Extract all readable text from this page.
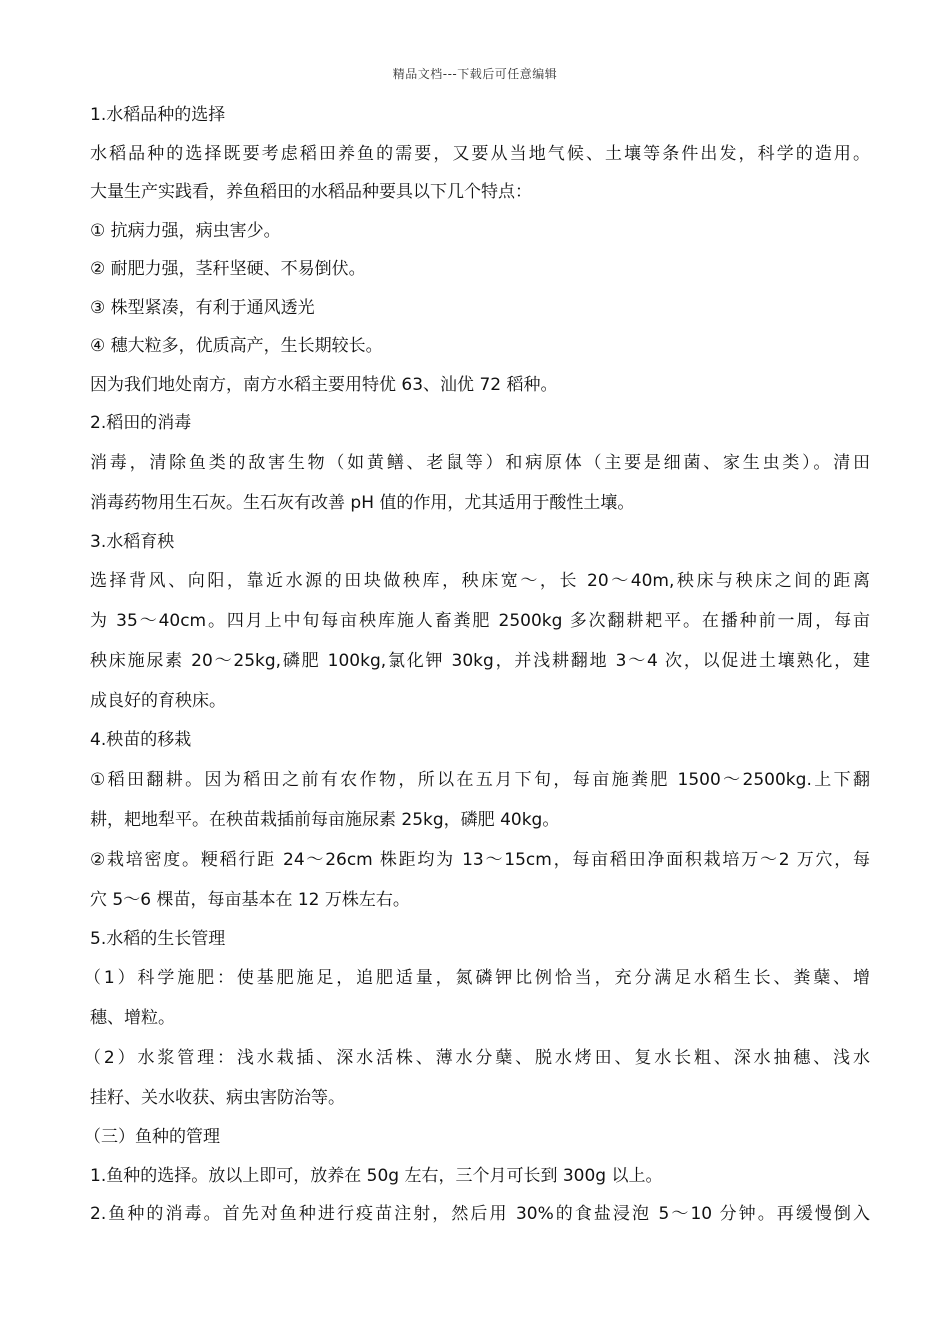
精品文档---下载后可任意编辑
1.水稻品种的选择
水稻品种的选择既要考虑稻田养鱼的需要，又要从当地气候、土壤等条件出发，科学的造用。
大量生产实践看，养鱼稻田的水稻品种要具以下几个特点：
① 抗病力强，病虫害少。
② 耐肥力强，茎秆坚硬、不易倒伏。
③ 株型紧凑，有利于通风透光
④ 穗大粒多，优质高产，生长期较长。
因为我们地处南方，南方水稻主要用特优 63、汕优 72 稻种。
2.稻田的消毒
消毒，清除鱼类的敌害生物（如黄鳝、老鼠等）和病原体（主要是细菌、家生虫类）。清田
消毒药物用生石灰。生石灰有改善 pH 值的作用，尤其适用于酸性土壤。
3.水稻育秧
选择背风、向阳，靠近水源的田块做秧库，秧床宽～，长 20～40m,秧床与秧床之间的距离
为 35～40cm。四月上中旬每亩秧库施人畜粪肥 2500kg 多次翻耕耙平。在播种前一周，每亩
秧床施尿素 20～25kg,磷肥 100kg,氯化钾 30kg，并浅耕翻地 3～4 次，以促进土壤熟化，建
成良好的育秧床。
4.秧苗的移栽
①稻田翻耕。因为稻田之前有农作物，所以在五月下旬，每亩施粪肥 1500～2500kg.上下翻
耕，耙地犁平。在秧苗栽插前每亩施尿素 25kg，磷肥 40kg。
②栽培密度。粳稻行距 24～26cm 株距均为 13～15cm，每亩稻田净面积栽培万～2 万穴，每
穴 5～6 棵苗，每亩基本在 12 万株左右。
5.水稻的生长管理
（1）科学施肥：使基肥施足，追肥适量，氮磷钾比例恰当，充分满足水稻生长、粪蘖、增
穗、增粒。
（2）水浆管理：浅水栽插、深水活株、薄水分蘖、脱水烤田、复水长粗、深水抽穗、浅水
挂籽、关水收获、病虫害防治等。
（三）鱼种的管理
1.鱼种的选择。放以上即可，放养在 50g 左右，三个月可长到 300g 以上。
2.鱼种的消毒。首先对鱼种进行疫苗注射，然后用 30%的食盐浸泡 5～10 分钟。再缓慢倒入
